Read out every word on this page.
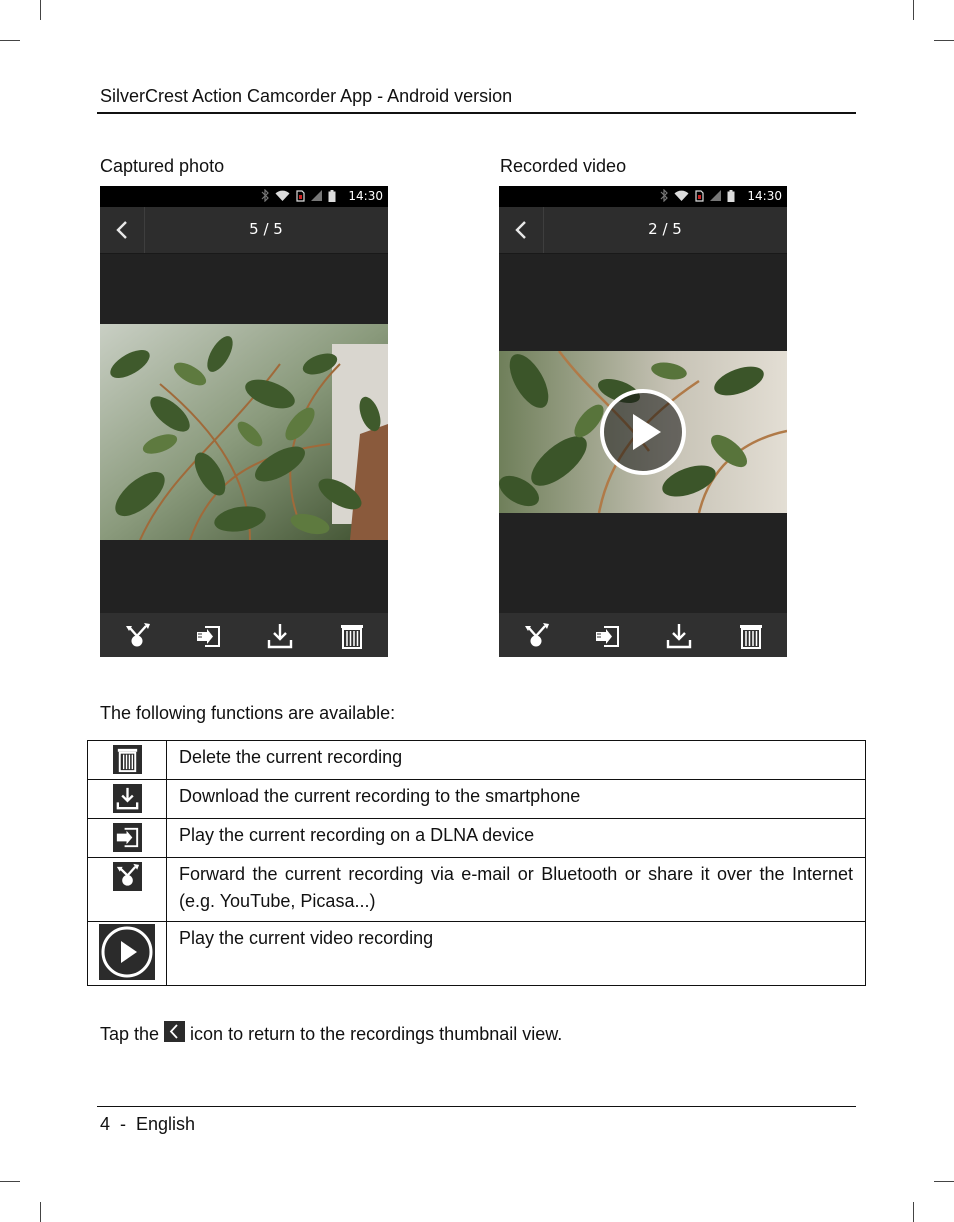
SilverCrest Action Camcorder App - Android version
Captured photo	Recorded video
14:30
5 / 5
14:30
2 / 5
The following functions are available:
	Delete the current recording
	Download the current recording to the smartphone
	Play the current recording on a DLNA device
	Forward the current recording via e-mail or Bluetooth or share it over the Internet (e.g. YouTube, Picasa...)
	Play the current video recording
Tap the icon to return to the recordings thumbnail view.
4  -  English
